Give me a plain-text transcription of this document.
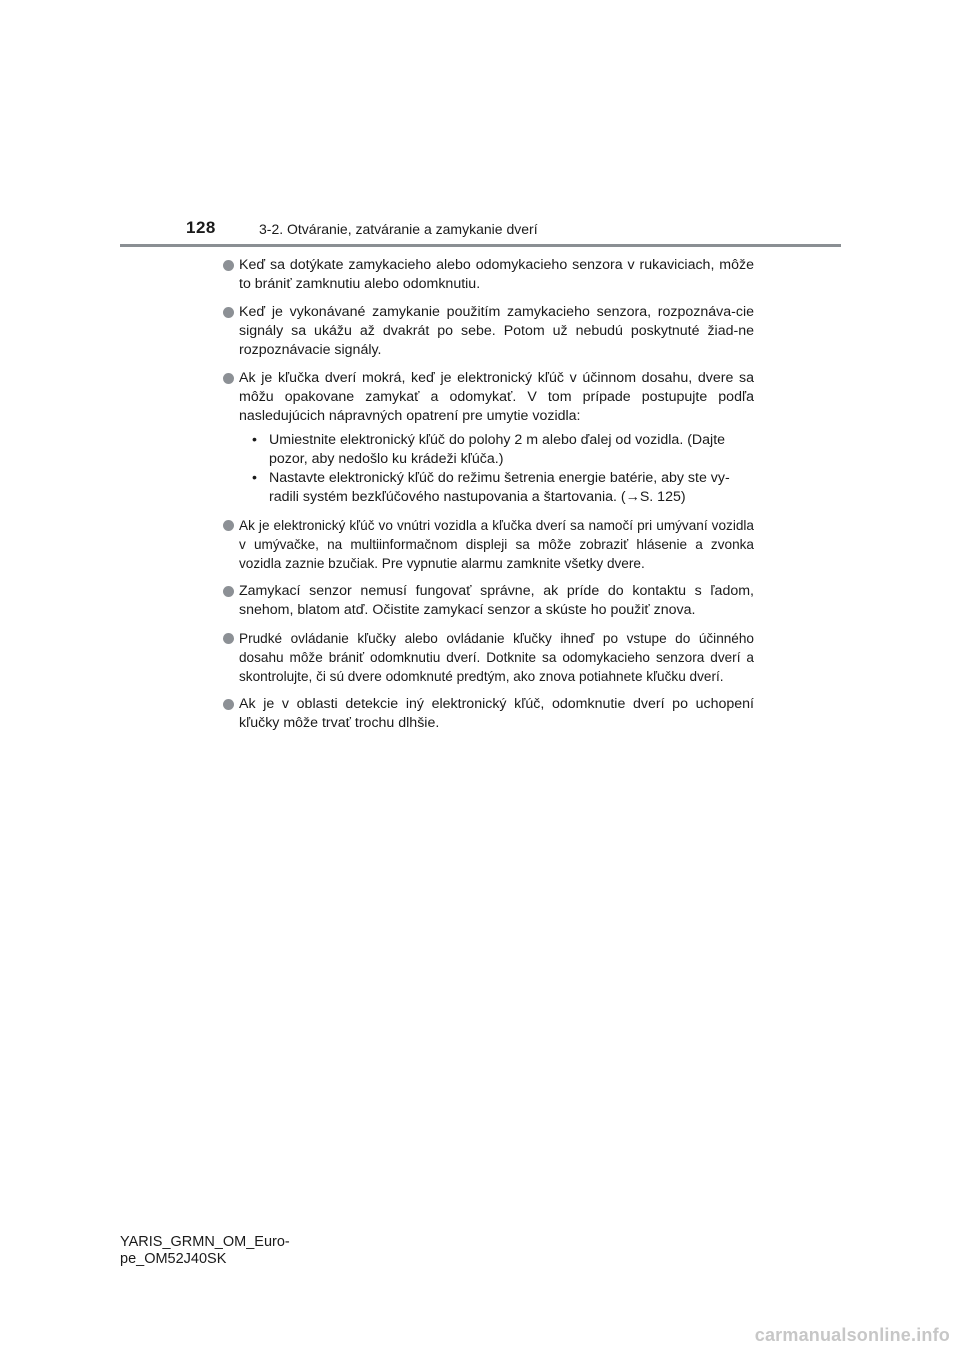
128	3-2. Otváranie, zatváranie a zamykanie dverí
Keď sa dotýkate zamykacieho alebo odomykacieho senzora v rukaviciach, môže to brániť zamknutiu alebo odomknutiu.
Keď je vykonávané zamykanie použitím zamykacieho senzora, rozpoznáva-cie signály sa ukážu až dvakrát po sebe. Potom už nebudú poskytnuté žiad-ne rozpoznávacie signály.
Ak je kľučka dverí mokrá, keď je elektronický kľúč v účinnom dosahu, dvere sa môžu opakovane zamykať a odomykať. V tom prípade postupujte podľa nasledujúcich nápravných opatrení pre umytie vozidla:
• Umiestnite elektronický kľúč do polohy 2 m alebo ďalej od vozidla. (Dajte pozor, aby nedošlo ku krádeži kľúča.)
• Nastavte elektronický kľúč do režimu šetrenia energie batérie, aby ste vy-radili systém bezkľúčového nastupovania a štartovania. (→S. 125)
Ak je elektronický kľúč vo vnútri vozidla a kľučka dverí sa namočí pri umývaní vozidla v umývačke, na multiinformačnom displeji sa môže zobraziť hlásenie a zvonka vozidla zaznie bzučiak. Pre vypnutie alarmu zamknite všetky dvere.
Zamykací senzor nemusí fungovať správne, ak príde do kontaktu s ľadom, snehom, blatom atď. Očistite zamykací senzor a skúste ho použiť znova.
Prudké ovládanie kľučky alebo ovládanie kľučky ihneď po vstupe do účinného dosahu môže brániť odomknutiu dverí. Dotknite sa odomykacieho senzora dverí a skontrolujte, či sú dvere odomknuté predtým, ako znova potiahnete kľučku dverí.
Ak je v oblasti detekcie iný elektronický kľúč, odomknutie dverí po uchopení kľučky môže trvať trochu dlhšie.
YARIS_GRMN_OM_Euro-
pe_OM52J40SK
carmanualsonline.info
